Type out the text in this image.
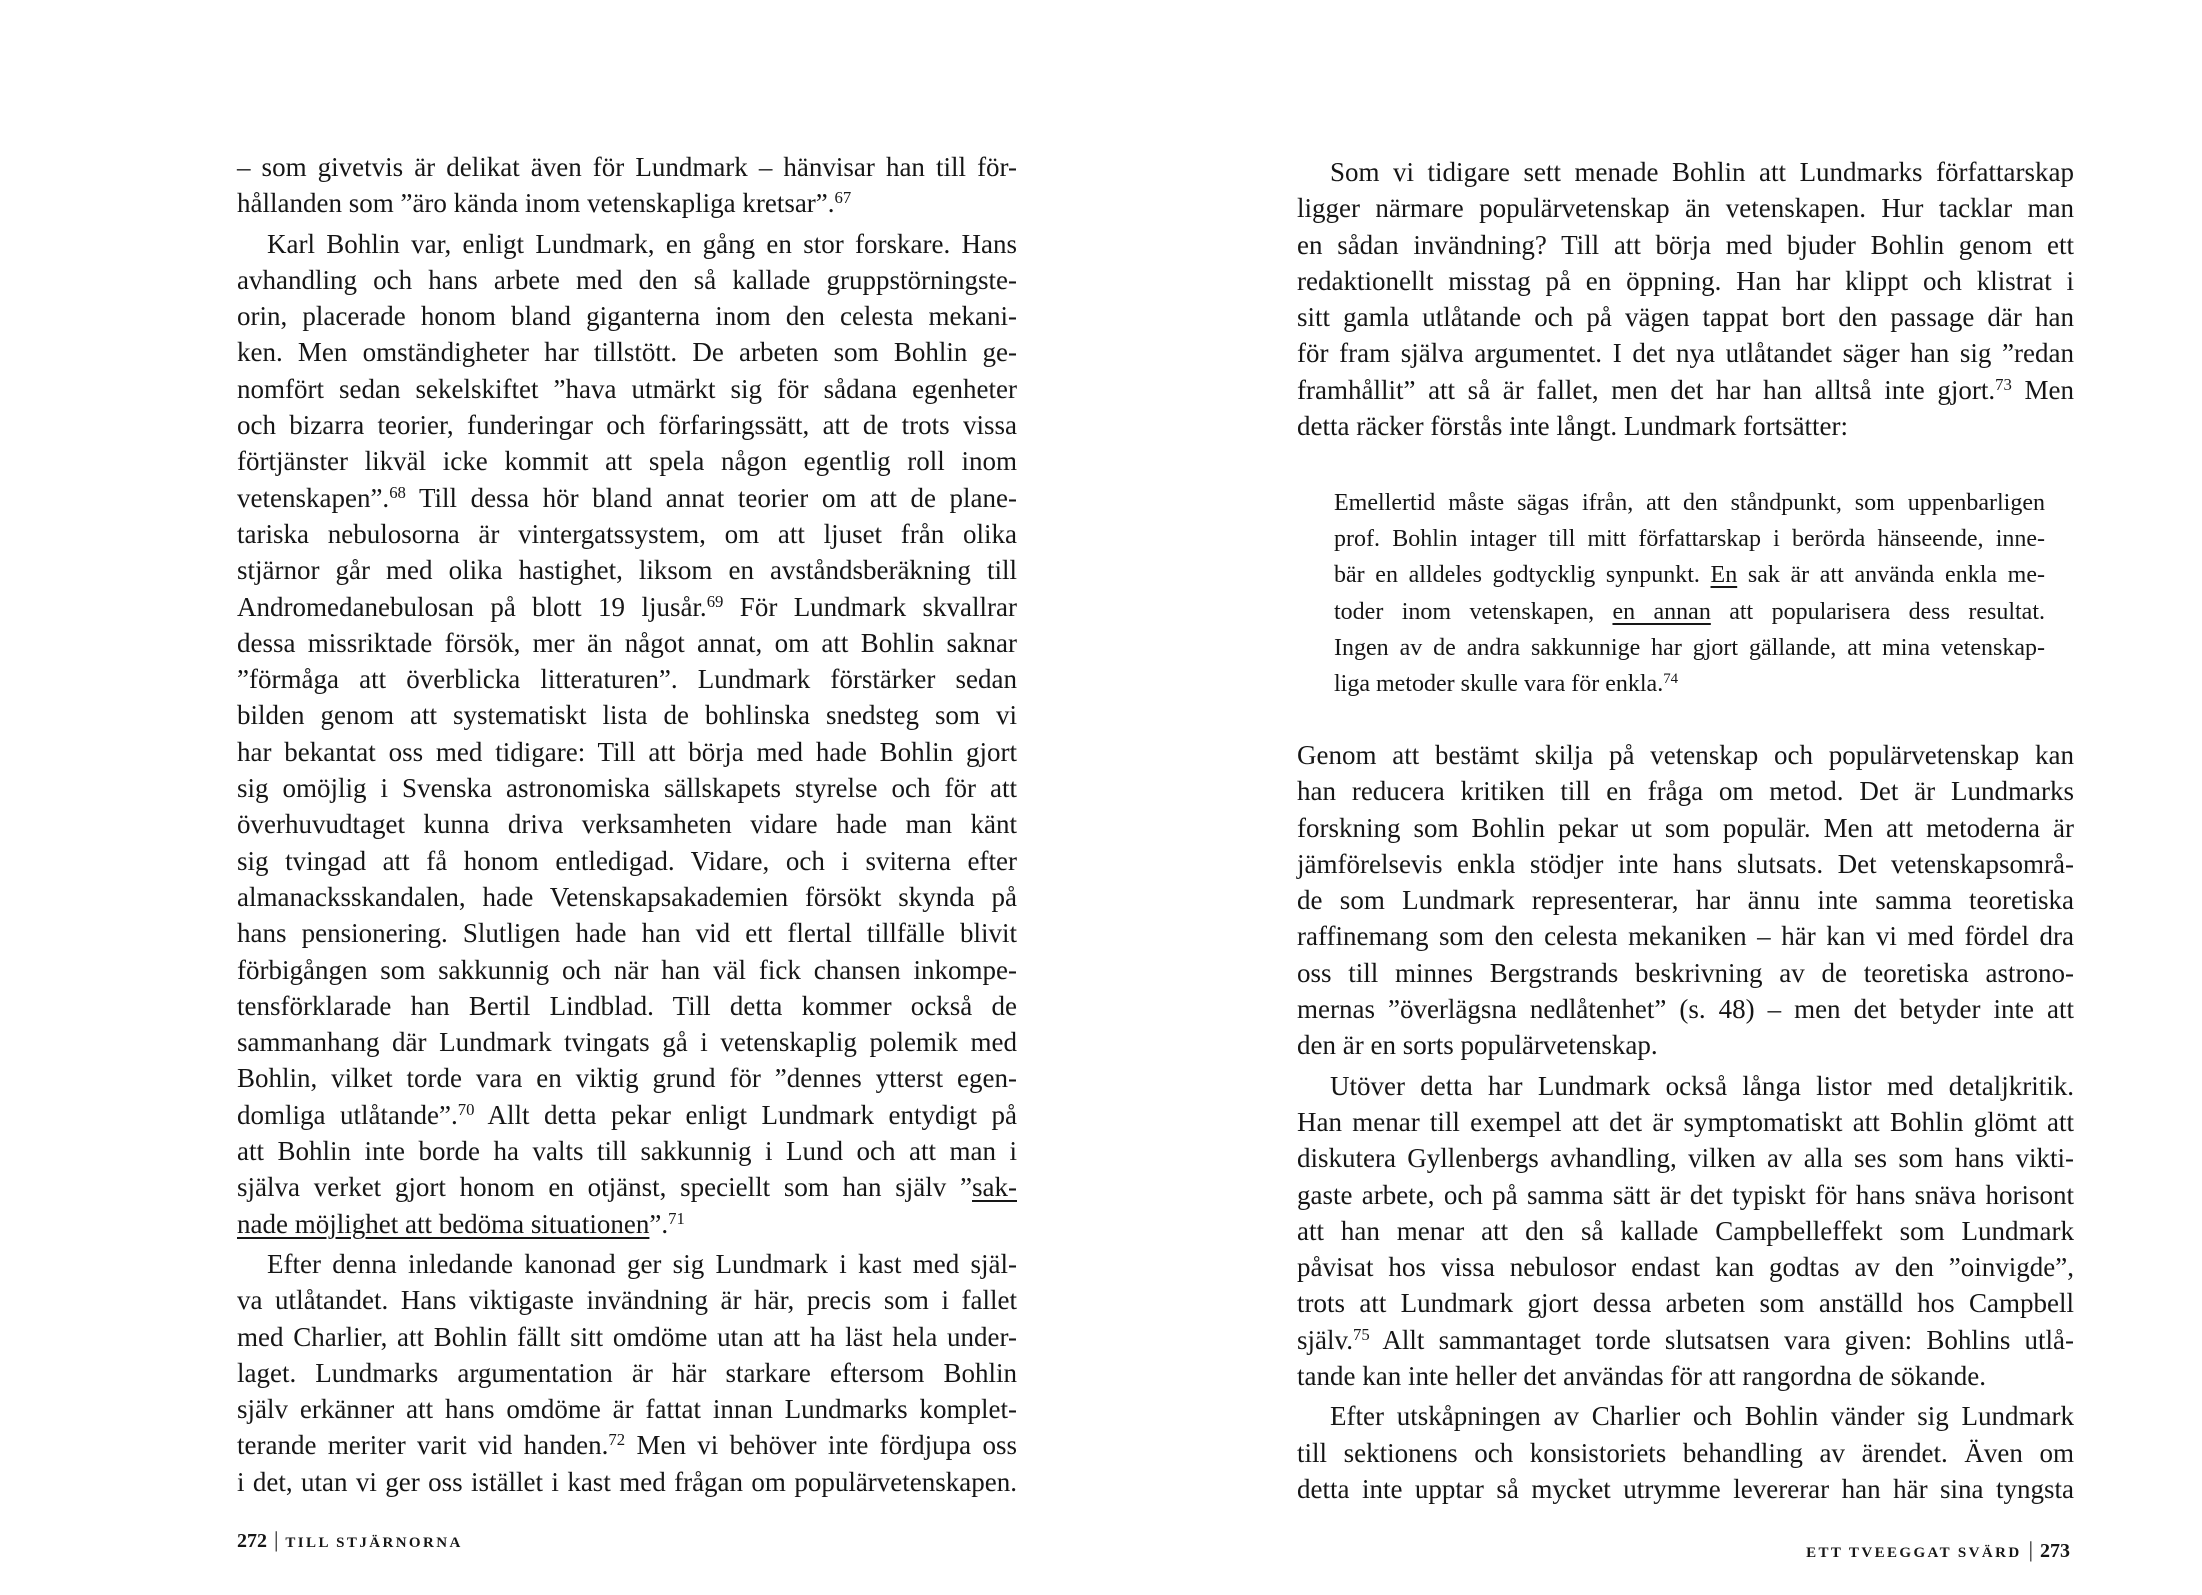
– som givetvis är delikat även för Lundmark – hänvisar han till för-
hållanden som ”äro kända inom vetenskapliga kretsar”.$^{67}$
Karl Bohlin var, enligt Lundmark, en gång en stor forskare. Hans
avhandling och hans arbete med den så kallade gruppstörningste-
orin, placerade honom bland giganterna inom den celesta mekani-
ken. Men omständigheter har tillstött. De arbeten som Bohlin ge-
nomfört sedan sekelskiftet ”hava utmärkt sig för sådana egenheter
och bizarra teorier, funderingar och förfaringssätt, att de trots vissa
förtjänster likväl icke kommit att spela någon egentlig roll inom
vetenskapen”.$^{68}$ Till dessa hör bland annat teorier om att de plane-
tariska nebulosorna är vintergatssystem, om att ljuset från olika
stjärnor går med olika hastighet, liksom en avståndsberäkning till
Andromedanebulosan på blott 19 ljusår.$^{69}$ För Lundmark skvallrar
dessa missriktade försök, mer än något annat, om att Bohlin saknar
”förmåga att överblicka litteraturen”. Lundmark förstärker sedan
bilden genom att systematiskt lista de bohlinska snedsteg som vi
har bekantat oss med tidigare: Till att börja med hade Bohlin gjort
sig omöjlig i Svenska astronomiska sällskapets styrelse och för att
överhuvudtaget kunna driva verksamheten vidare hade man känt
sig tvingad att få honom entledigad. Vidare, och i sviterna efter
almanacksskandalen, hade Vetenskapsakademien försökt skynda på
hans pensionering. Slutligen hade han vid ett flertal tillfälle blivit
förbigången som sakkunnig och när han väl fick chansen inkompe-
tensförklarade han Bertil Lindblad. Till detta kommer också de
sammanhang där Lundmark tvingats gå i vetenskaplig polemik med
Bohlin, vilket torde vara en viktig grund för ”dennes ytterst egen-
domliga utlåtande”.$^{70}$ Allt detta pekar enligt Lundmark entydigt på
att Bohlin inte borde ha valts till sakkunnig i Lund och att man i
själva verket gjort honom en otjänst, speciellt som han själv ”sak-
nade möjlighet att bedöma situationen”.$^{71}$
Efter denna inledande kanonad ger sig Lundmark i kast med själ-
va utlåtandet. Hans viktigaste invändning är här, precis som i fallet
med Charlier, att Bohlin fällt sitt omdöme utan att ha läst hela under-
laget. Lundmarks argumentation är här starkare eftersom Bohlin
själv erkänner att hans omdöme är fattat innan Lundmarks komplet-
terande meriter varit vid handen.$^{72}$ Men vi behöver inte fördjupa oss
i det, utan vi ger oss istället i kast med frågan om populärvetenskapen.
272 | TILL STJÄRNORNA
Som vi tidigare sett menade Bohlin att Lundmarks författarskap
ligger närmare populärvetenskap än vetenskapen. Hur tacklar man
en sådan invändning? Till att börja med bjuder Bohlin genom ett
redaktionellt misstag på en öppning. Han har klippt och klistrat i
sitt gamla utlåtande och på vägen tappat bort den passage där han
för fram själva argumentet. I det nya utlåtandet säger han sig ”redan
framhållit” att så är fallet, men det har han alltså inte gjort.$^{73}$ Men
detta räcker förstås inte långt. Lundmark fortsätter:
Emellertid måste sägas ifrån, att den ståndpunkt, som uppenbarligen
prof. Bohlin intager till mitt författarskap i berörda hänseende, inne-
bär en alldeles godtycklig synpunkt. En sak är att använda enkla me-
toder inom vetenskapen, en annan att popularisera dess resultat.
Ingen av de andra sakkunnige har gjort gällande, att mina vetenskap-
liga metoder skulle vara för enkla.$^{74}$
Genom att bestämt skilja på vetenskap och populärvetenskap kan
han reducera kritiken till en fråga om metod. Det är Lundmarks
forskning som Bohlin pekar ut som populär. Men att metoderna är
jämförelsevis enkla stödjer inte hans slutsats. Det vetenskapsområ-
de som Lundmark representerar, har ännu inte samma teoretiska
raffinemang som den celesta mekaniken – här kan vi med fördel dra
oss till minnes Bergstrands beskrivning av de teoretiska astrono-
mernas ”överlägsna nedlåtenhet” (s. 48) – men det betyder inte att
den är en sorts populärvetenskap.
Utöver detta har Lundmark också långa listor med detaljkritik.
Han menar till exempel att det är symptomatiskt att Bohlin glömt att
diskutera Gyllenbergs avhandling, vilken av alla ses som hans vikti-
gaste arbete, och på samma sätt är det typiskt för hans snäva horisont
att han menar att den så kallade Campbelleffekt som Lundmark
påvisat hos vissa nebulosor endast kan godtas av den ”oinvigde”,
trots att Lundmark gjort dessa arbeten som anställd hos Campbell
själv.$^{75}$ Allt sammantaget torde slutsatsen vara given: Bohlins utlå-
tande kan inte heller det användas för att rangordna de sökande.
Efter utskåpningen av Charlier och Bohlin vänder sig Lundmark
till sektionens och konsistoriets behandling av ärendet. Även om
detta inte upptar så mycket utrymme levererar han här sina tyngsta
ETT TVEEGGAT SVÄRD | 273
